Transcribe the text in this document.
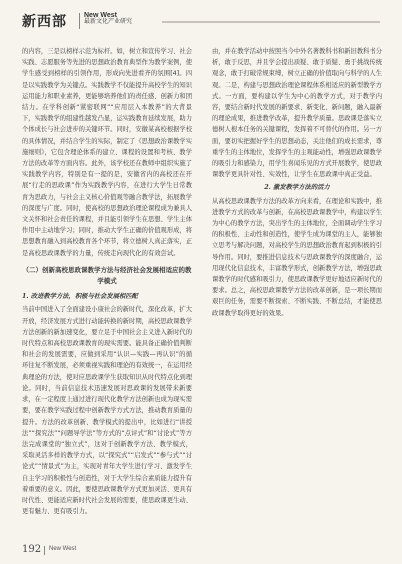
新西部 New West
最新文化产业研究

的内容，三是以榜样示范为标杆。如，树立和宣传学习、社会实践、志愿服务等先进的思想政治教育典型作为教学案例，使学生感受到榜样的引领作用，形成向先进看齐的氛围[4]。四是以实践教学为关键点。实践教学不仅能提升高校学生的知识运用能力和职业素养，更能够培养他们的责任感、创新力和团结力。在学科创新“紧密联网”“应用层入本教养”的大背景下，实践教学的组建性越发凸显，运实践教育延续发展，助力个体成长与社会进步的关键环节。同时，安徽某高校根据学校的具体情况，并结合学生的实际，制定了《思想政治课教学实施细则》，它包含理论体系的建立、课程的设置和考核、教学方法的改革等方面内容。此外，该学校还在教师中组织实施了实践教学内容，特别是有一提的是，安徽省内的高校还在开展“行走的思政课”作为实践教学内容，在进行大学生日常教育为思政力，与社会主义核心价值观等融合教学法，拓展教学的深度与广度。同时，使高校的思想政治理论课程成为兼具人文关怀和社会责任的课程，并且能引领学生在思想、学生主体作用中主动地学习；同时，推动大学生正确的价值观形成，将思想教育融入到高校教育各个环节，将立德树人真正落实，正是高校思政课教学的力量，传统走向现代化的有效尝试。

（二）创新高校思政课教学方法与经济社会发展相适应的教学模式
1. 改进教学方法，积极与社会发展相匹配

当前中国进入了全面建设小康社会的新时代，深化改革，扩大开放，经济发展方式进行动能转换的新时期，高校思政课教学方法创新的新加速变化，要立足于中国社会主义进入新时代的时代特点和高校思政课教育的现实需要。能具备正确价值判断和社会的发展需要，应做到采用“认识—实践—再认识”的循环往复不断发展，必须重视实践和理论的有效统一，在运用经典理论的方法，使对应思政课学生获取知识从时代特点化到理论。同时，当前信息技术迅速发展对思政课的发展带来新要求，在一定程度上通过进行现代化教学方法创新也成为现实需要，要在教学实践过程中创新教学方式方法，推动教育质量的提升。方法的改革创新、教学模式的提出中，比如进行“讲授法”“探究法”“问题导学法”等方式的“点评式”和“讨论式”等方法完成课堂的“独立式”，这对于创新教学方法、教学模式，采取灵活多样的教学方式，以“探究式”“启发式”“参与式”“讨论式”“情景式”为主，实现对青年大学生进行学习、激发学生自主学习的积极性与创造性，对于大学生综合素质能力提升有着重要的意义。因此，要使思政课教学方式更加灵活、更具有时代性、更能适应新时代社会发展的需要，使思政课更生动、更有魅力、更有吸引力。

由，并在教学活动中按照当今中外名著教科书和新旧教科书分析，敢于反思，并且学会提出质疑、敢于质疑、勇于挑战传统观念，敢于打破常规束缚，树立正确的价值取向与科学的人生观。二是，构建与思想政治理论课程体系相适应的新型教学方式。一方面，要构建以学生为中心的教学方式，对于教学内容，要结合新时代发展的新要求、新变化、新问题，融入最新的理论成果，推进教学改革，提升教学质量。思政课是落实立德树人根本任务的关键课程，发挥着不可替代的作用。另一方面，要切实把握好学生的思想动态，关注他们的成长需求，尊重学生的主体地位，发挥学生的主观能动性，增强思政课教学的吸引力和感染力，用学生喜闻乐见的方式开展教学，使思政课教学更具针对性、实效性，让学生在思政课中真正受益。

2. 激发教学方法的活力

从高校思政课教学方法的改革方向来看，在理论和实践中，推进教学方式的改革与创新，在高校思政课教学中，构建以学生为中心的教学方法，突出学生的主体地位，全面调动学生学习的积极性、主动性和创造性，使学生成为课堂的主人，能够独立思考与解决问题，对高校学生的思想政治教育起到积极的引导作用。同时，要推进信息技术与思政课教学的深度融合，运用现代化信息技术，丰富教学形式，创新教学方法，增强思政课教学的时代感和吸引力，使思政课教学更好地适应新时代的要求。总之，高校思政课教学方法的改革创新，是一项长期而艰巨的任务，需要不断探索、不断实践、不断总结，才能使思政课教学取得更好的效果。

192 New West
